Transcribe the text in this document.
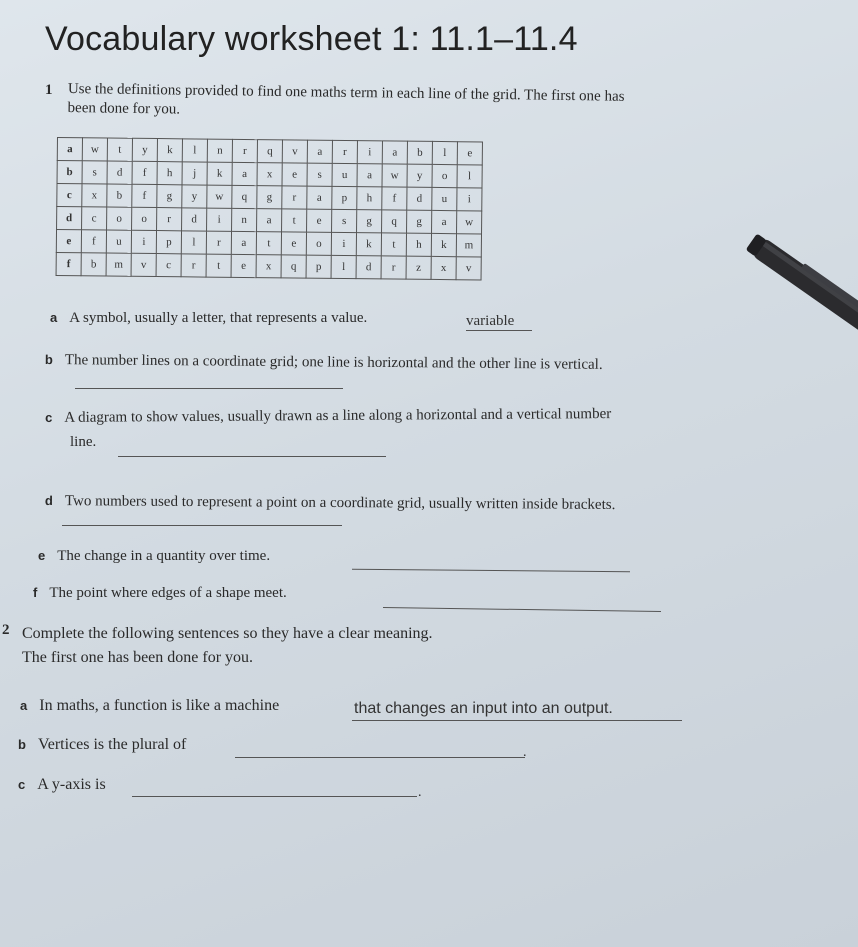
Vocabulary worksheet 1: 11.1–11.4
1 Use the definitions provided to find one maths term in each line of the grid. The first one has
been done for you.
a	w	t	y	k	l	n	r	q	v	a	r	i	a	b	l	e
b	s	d	f	h	j	k	a	x	e	s	u	a	w	y	o	l
c	x	b	f	g	y	w	q	g	r	a	p	h	f	d	u	i
d	c	o	o	r	d	i	n	a	t	e	s	g	q	g	a	w
e	f	u	i	p	l	r	a	t	e	o	i	k	t	h	k	m
f	b	m	v	c	r	t	e	x	q	p	l	d	r	z	x	v
a A symbol, usually a letter, that represents a value.	variable
b The number lines on a coordinate grid; one line is horizontal and the other line is vertical.
c A diagram to show values, usually drawn as a line along a horizontal and a vertical number
line.
d Two numbers used to represent a point on a coordinate grid, usually written inside brackets.
e The change in a quantity over time.
f The point where edges of a shape meet.
2 Complete the following sentences so they have a clear meaning.
The first one has been done for you.
a In maths, a function is like a machine	that changes an input into an output.
b Vertices is the plural of	.
c A y-axis is	.
